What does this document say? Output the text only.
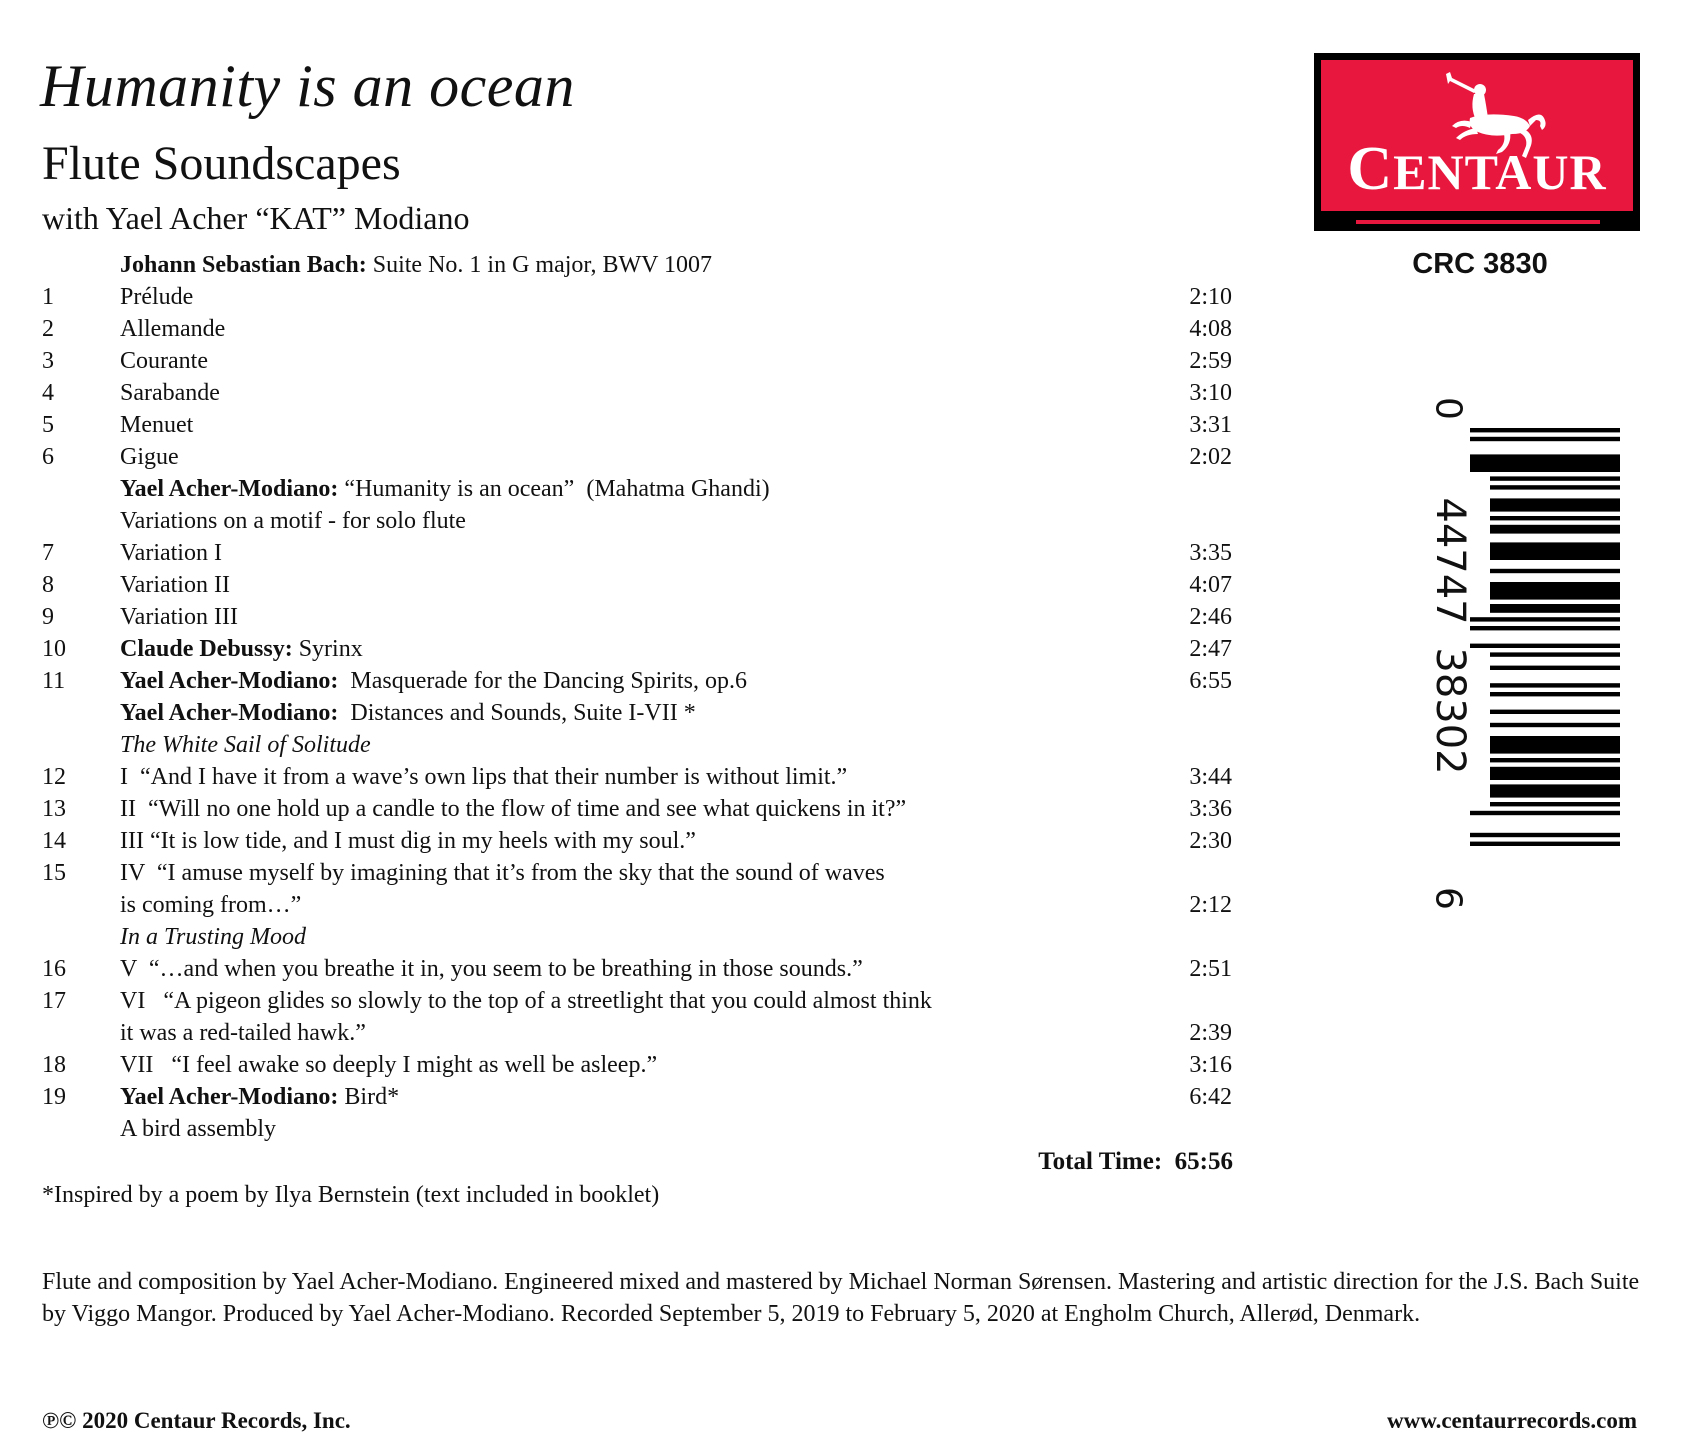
Humanity is an ocean
Flute Soundscapes
with Yael Acher “KAT” Modiano
CENTAUR
CRC 3830
0
44747
38302
6
Johann Sebastian Bach: Suite No. 1 in G major, BWV 1007
1	Prélude	2:10
2	Allemande	4:08
3	Courante	2:59
4	Sarabande	3:10
5	Menuet	3:31
6	Gigue	2:02
Yael Acher-Modiano: “Humanity is an ocean”  (Mahatma Ghandi)
Variations on a motif - for solo flute
7	Variation I	3:35
8	Variation II	4:07
9	Variation III	2:46
10 Claude Debussy: Syrinx	2:47
11 Yael Acher-Modiano:  Masquerade for the Dancing Spirits, op.6	6:55
Yael Acher-Modiano:  Distances and Sounds, Suite I-VII *
The White Sail of Solitude
12 I  “And I have it from a wave’s own lips that their number is without limit.”	3:44
13 II  “Will no one hold up a candle to the flow of time and see what quickens in it?”	3:36
14 III “It is low tide, and I must dig in my heels with my soul.”	2:30
15 IV  “I amuse myself by imagining that it’s from the sky that the sound of waves
is coming from…”	2:12
In a Trusting Mood
16 V  “…and when you breathe it in, you seem to be breathing in those sounds.”	2:51
17 VI   “A pigeon glides so slowly to the top of a streetlight that you could almost think
it was a red-tailed hawk.”	2:39
18 VII   “I feel awake so deeply I might as well be asleep.”	3:16
19 Yael Acher-Modiano: Bird*	6:42
A bird assembly
Total Time: 65:56
*Inspired by a poem by Ilya Bernstein (text included in booklet)
Flute and composition by Yael Acher-Modiano. Engineered mixed and mastered by Michael Norman Sørensen. Mastering and artistic direction for the J.S. Bach Suite by Viggo Mangor. Produced by Yael Acher-Modiano. Recorded September 5, 2019 to February 5, 2020 at Engholm Church, Allerød, Denmark.
℗© 2020 Centaur Records, Inc.	www.centaurrecords.com
